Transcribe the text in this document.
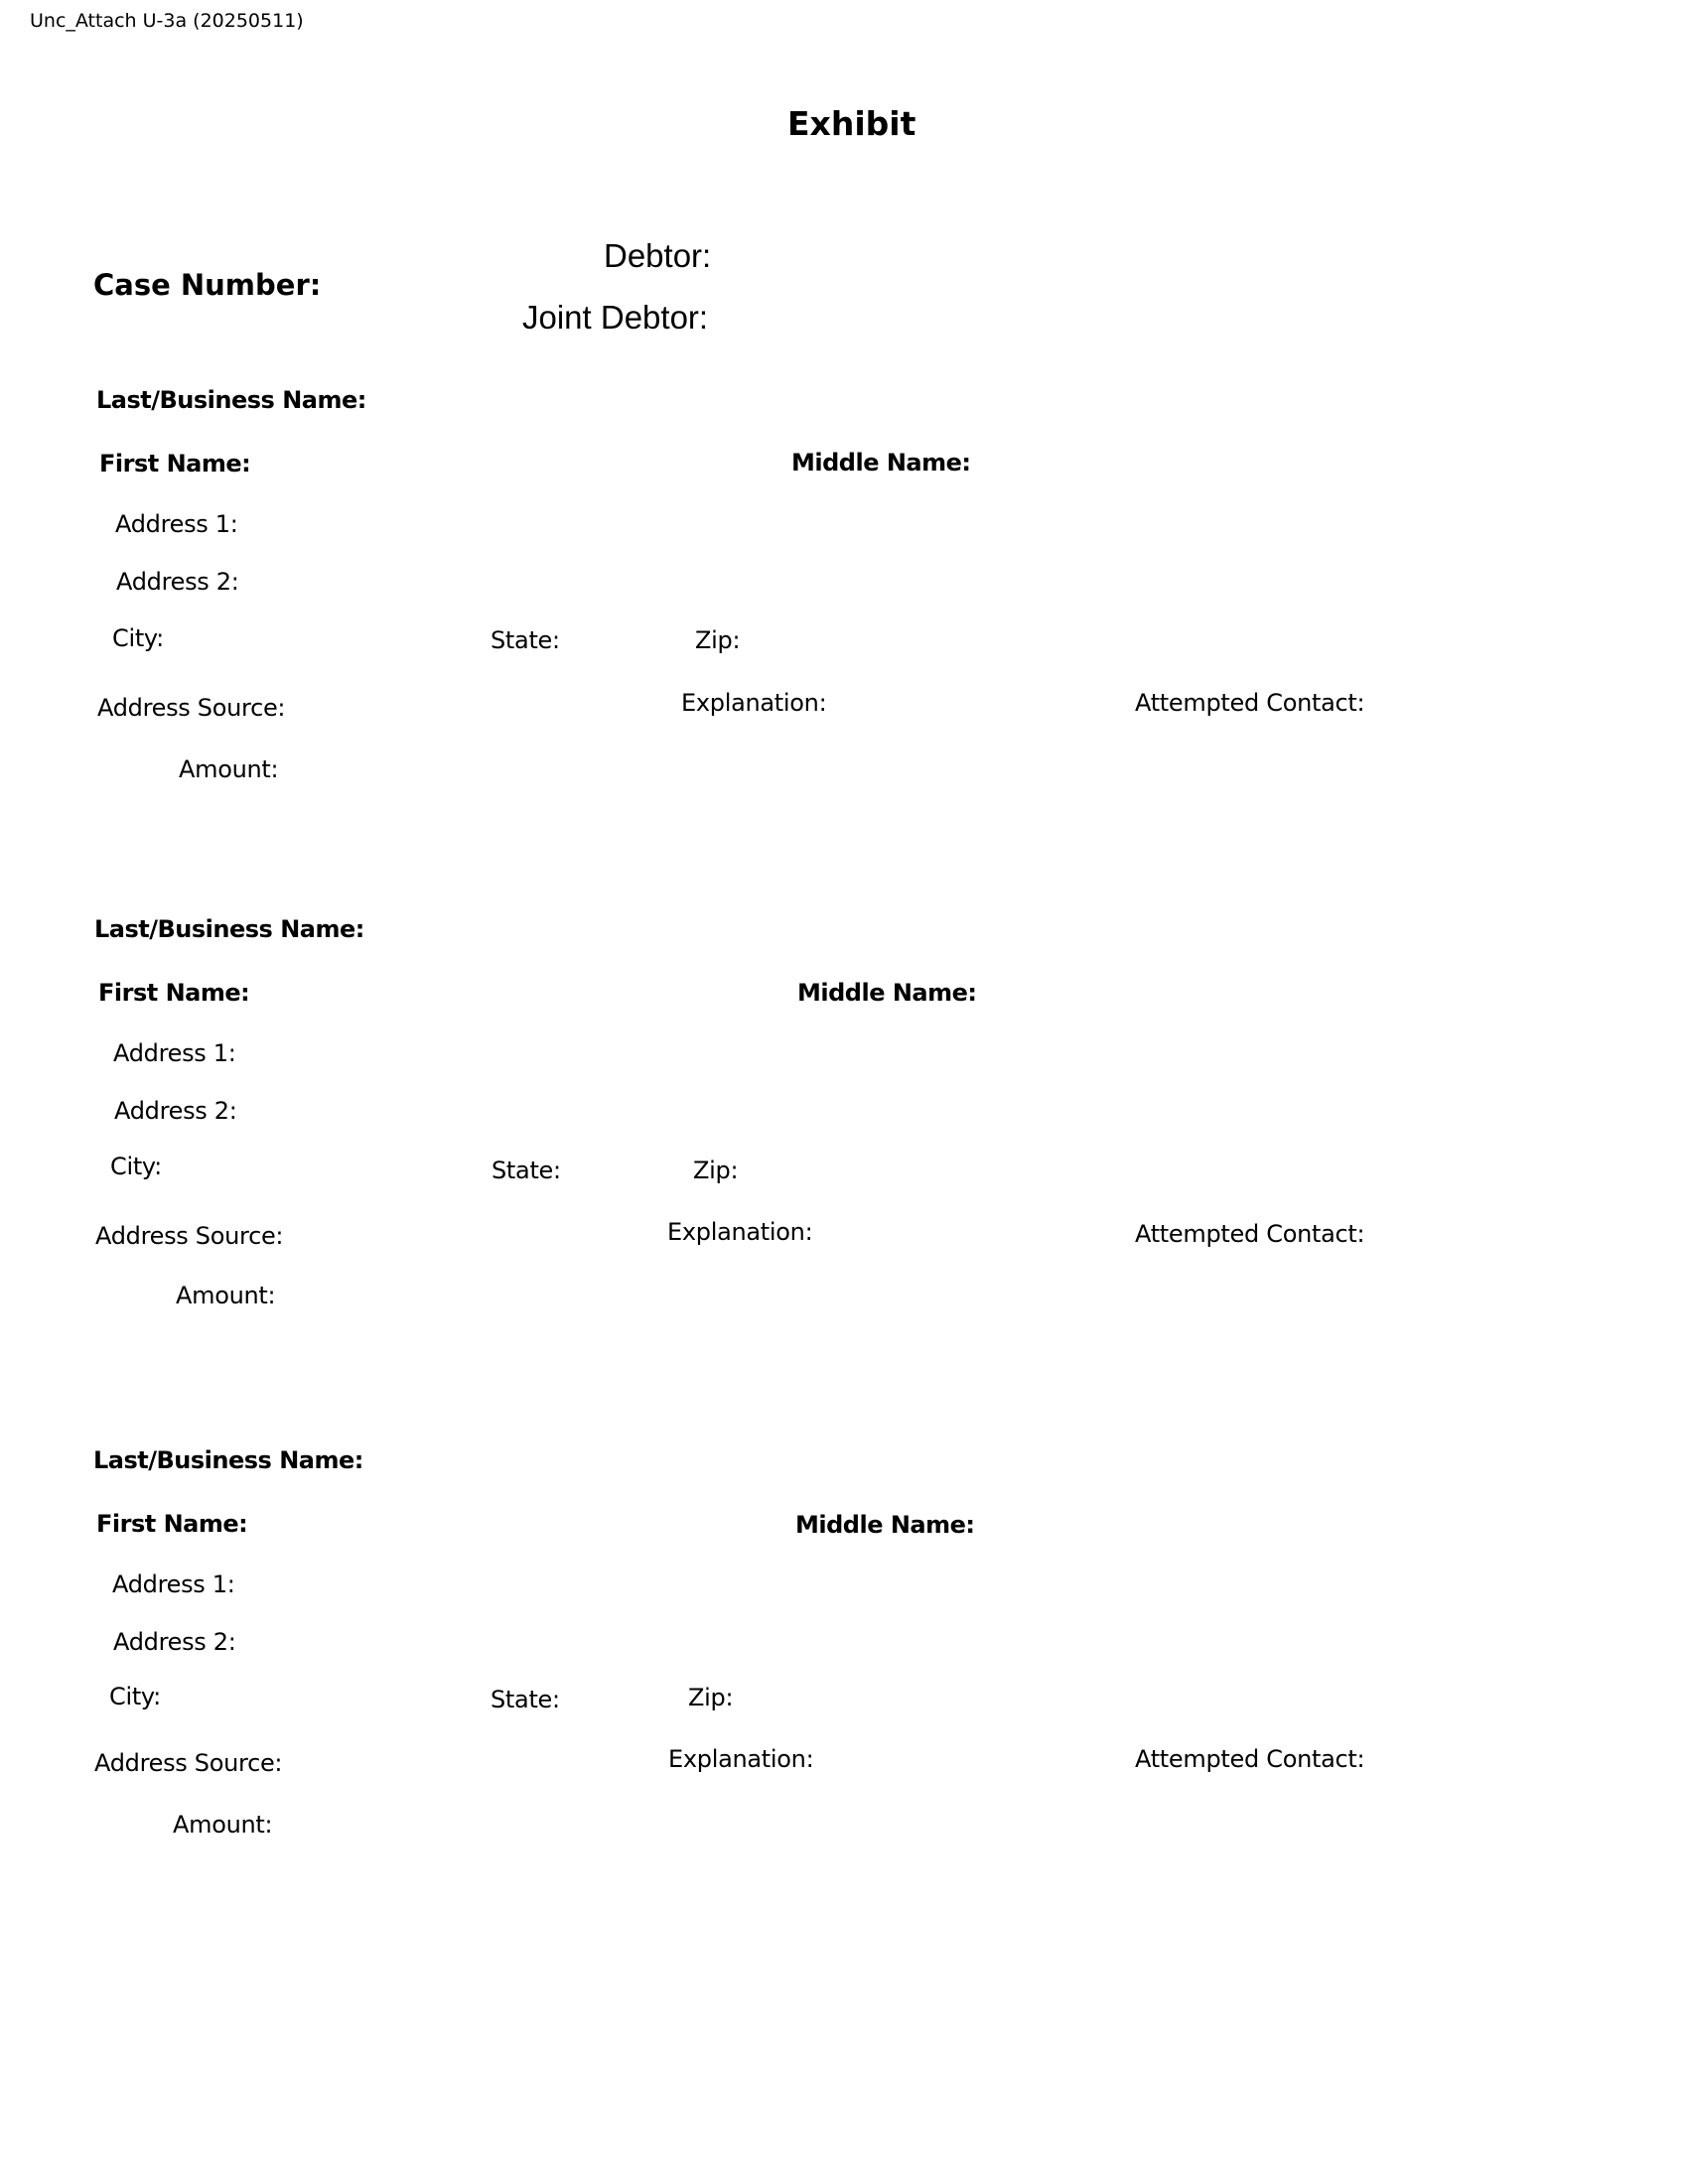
Unc_Attach U-3a (20250511)
Exhibit
Case Number:
Debtor:
Joint Debtor:
Last/Business Name:
First Name:	Middle Name:
Address 1:
Address 2:
City:	State:	Zip:
Address Source:	Explanation:	Attempted Contact:
Amount:
Last/Business Name:
First Name:	Middle Name:
Address 1:
Address 2:
City:	State:	Zip:
Address Source:	Explanation:	Attempted Contact:
Amount:
Last/Business Name:
First Name:	Middle Name:
Address 1:
Address 2:
City:	State:	Zip:
Address Source:	Explanation:	Attempted Contact:
Amount:
